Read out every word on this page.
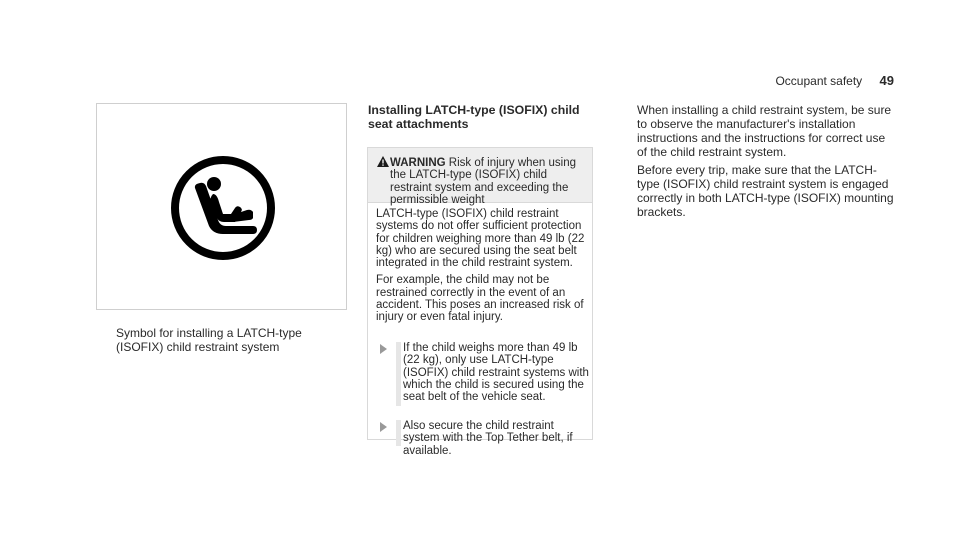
Occupant safety 49
Symbol for installing a LATCH-type (ISOFIX) child restraint system
Installing LATCH-type (ISOFIX) child seat attachments
WARNING Risk of injury when using the LATCH-type (ISOFIX) child restraint system and exceeding the permissible weight

LATCH-type (ISOFIX) child restraint systems do not offer sufficient protection for children weighing more than 49 lb (22 kg) who are secured using the seat belt integrated in the child restraint system.

For example, the child may not be restrained correctly in the event of an accident. This poses an increased risk of injury or even fatal injury.

If the child weighs more than 49 lb (22 kg), only use LATCH-type (ISOFIX) child restraint systems with which the child is secured using the seat belt of the vehicle seat.
Also secure the child restraint system with the Top Tether belt, if available.

When installing a child restraint system, be sure to observe the manufacturer's installation instructions and the instructions for correct use of the child restraint system.

Before every trip, make sure that the LATCH-type (ISOFIX) child restraint system is engaged correctly in both LATCH-type (ISOFIX) mounting brackets.
